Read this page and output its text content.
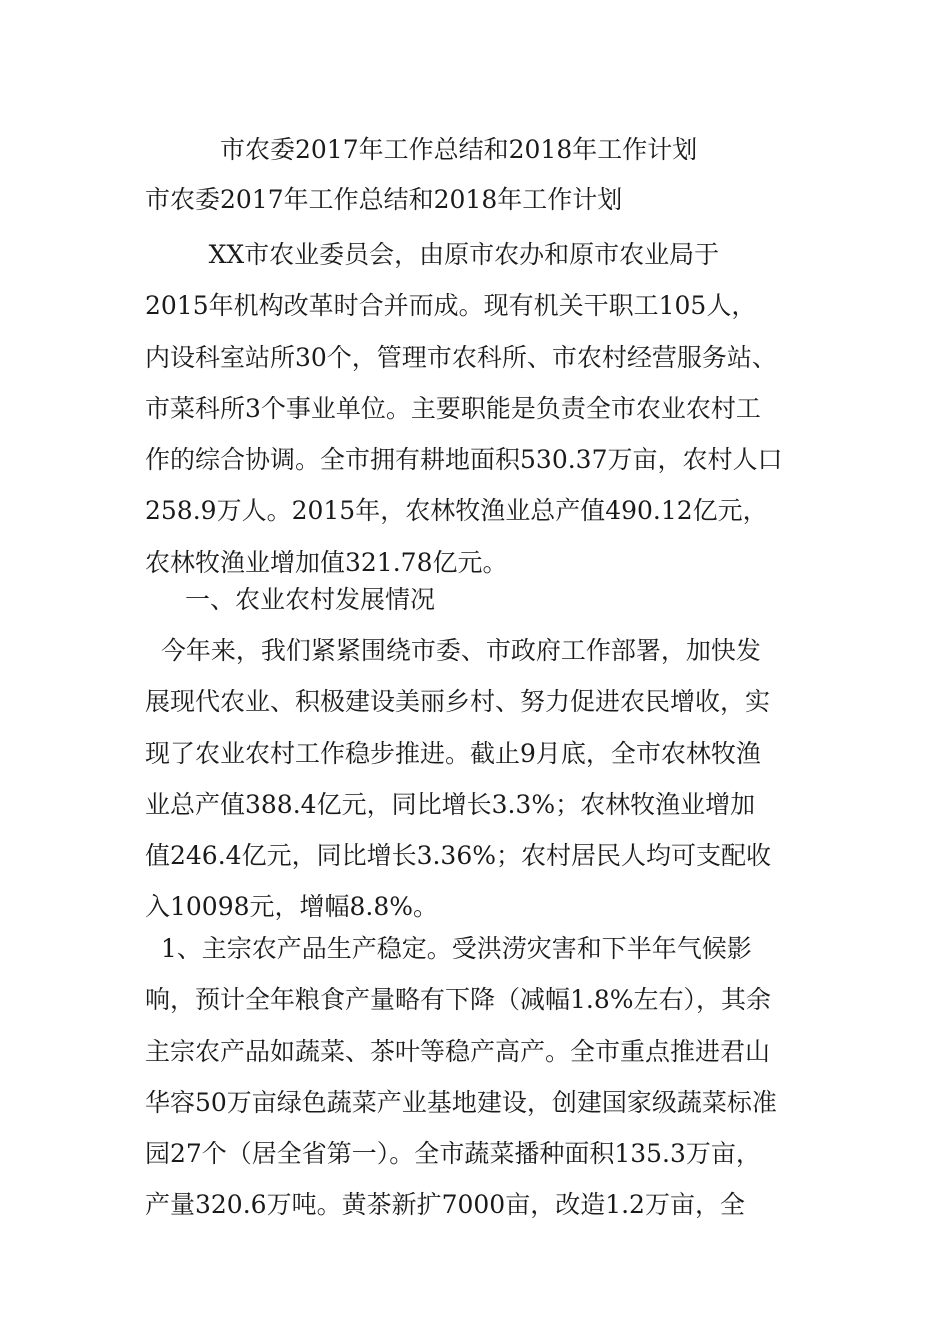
市农委2017年工作总结和2018年工作计划
市农委2017年工作总结和2018年工作计划
XX市农业委员会，由原市农办和原市农业局于
2015年机构改革时合并而成。现有机关干职工105人，
内设科室站所30个，管理市农科所、市农村经营服务站、
市菜科所3个事业单位。主要职能是负责全市农业农村工
作的综合协调。全市拥有耕地面积530.37万亩，农村人口
258.9万人。2015年，农林牧渔业总产值490.12亿元，
农林牧渔业增加值321.78亿元。
一、农业农村发展情况
今年来，我们紧紧围绕市委、市政府工作部署，加快发
展现代农业、积极建设美丽乡村、努力促进农民增收，实
现了农业农村工作稳步推进。截止9月底，全市农林牧渔
业总产值388.4亿元，同比增长3.3%；农林牧渔业增加
值246.4亿元，同比增长3.36%；农村居民人均可支配收
入10098元，增幅8.8%。
1、主宗农产品生产稳定。受洪涝灾害和下半年气候影
响，预计全年粮食产量略有下降（减幅1.8%左右），其余
主宗农产品如蔬菜、茶叶等稳产高产。全市重点推进君山
华容50万亩绿色蔬菜产业基地建设，创建国家级蔬菜标准
园27个（居全省第一）。全市蔬菜播种面积135.3万亩，
产量320.6万吨。黄茶新扩7000亩，改造1.2万亩，全
